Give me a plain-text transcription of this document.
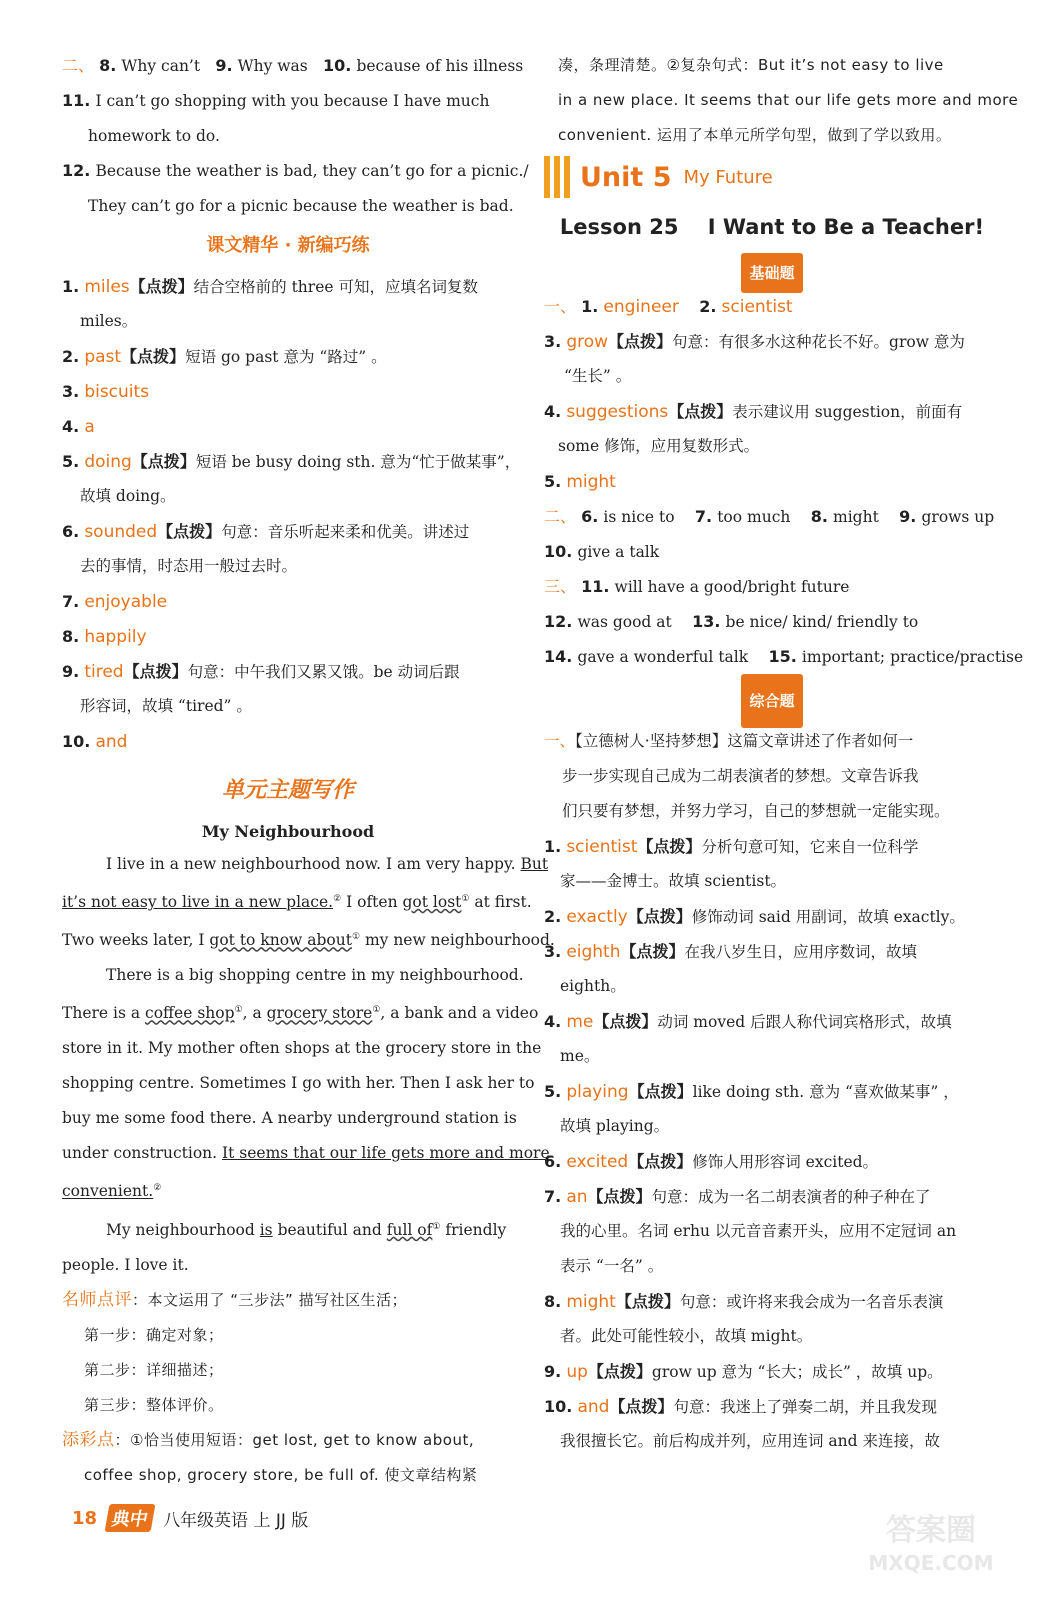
二、 8. Why can’t 9. Why was 10. because of his illness
11. I can’t go shopping with you because I have much
homework to do.
12. Because the weather is bad, they can’t go for a picnic./
They can’t go for a picnic because the weather is bad.
课文精华 · 新编巧练
1. miles【点拨】结合空格前的 three 可知，应填名词复数
miles。
2. past【点拨】短语 go past 意为 “路过” 。
3. biscuits
4. a
5. doing【点拨】短语 be busy doing sth. 意为“忙于做某事”，
故填 doing。
6. sounded【点拨】句意：音乐听起来柔和优美。讲述过
去的事情，时态用一般过去时。
7. enjoyable
8. happily
9. tired【点拨】句意：中午我们又累又饿。be 动词后跟
形容词，故填 “tired” 。
10. and
单元主题写作
My Neighbourhood
I live in a new neighbourhood now. I am very happy. But
it’s not easy to live in a new place.② I often got lost① at first.
Two weeks later, I got to know about① my new neighbourhood.
There is a big shopping centre in my neighbourhood.
There is a coffee shop①, a grocery store①, a bank and a video
store in it. My mother often shops at the grocery store in the
shopping centre. Sometimes I go with her. Then I ask her to
buy me some food there. A nearby underground station is
under construction. It seems that our life gets more and more
convenient.②
My neighbourhood is beautiful and full of① friendly
people. I love it.
名师点评：本文运用了 “三步法” 描写社区生活；
第一步：确定对象；
第二步：详细描述；
第三步：整体评价。
添彩点：①恰当使用短语：get lost, get to know about,
coffee shop, grocery store, be full of. 使文章结构紧
凑，条理清楚。②复杂句式：But it’s not easy to live
in a new place. It seems that our life gets more and more
convenient. 运用了本单元所学句型，做到了学以致用。
Unit 5 My Future
Lesson 25    I Want to Be a Teacher!
基础题
一、 1. engineer 2. scientist
3. grow【点拨】句意：有很多水这种花长不好。grow 意为
“生长” 。
4. suggestions【点拨】表示建议用 suggestion，前面有
some 修饰，应用复数形式。
5. might
二、 6. is nice to 7. too much 8. might 9. grows up
10. give a talk
三、 11. will have a good/bright future
12. was good at 13. be nice/ kind/ friendly to
14. gave a wonderful talk 15. important; practice/practise
综合题
一、【立德树人·坚持梦想】这篇文章讲述了作者如何一
步一步实现自己成为二胡表演者的梦想。文章告诉我
们只要有梦想，并努力学习，自己的梦想就一定能实现。
1. scientist【点拨】分析句意可知，它来自一位科学
家——金博士。故填 scientist。
2. exactly【点拨】修饰动词 said 用副词，故填 exactly。
3. eighth【点拨】在我八岁生日，应用序数词，故填
eighth。
4. me【点拨】动词 moved 后跟人称代词宾格形式，故填
me。
5. playing【点拨】like doing sth. 意为 “喜欢做某事” ，
故填 playing。
6. excited【点拨】修饰人用形容词 excited。
7. an【点拨】句意：成为一名二胡表演者的种子种在了
我的心里。名词 erhu 以元音音素开头，应用不定冠词 an
表示 “一名” 。
8. might【点拨】句意：或许将来我会成为一名音乐表演
者。此处可能性较小，故填 might。
9. up【点拨】grow up 意为 “长大；成长” ，故填 up。
10. and【点拨】句意：我迷上了弹奏二胡，并且我发现
我很擅长它。前后构成并列，应用连词 and 来连接，故
18 典中 八年级英语 上 JJ 版	答案圈
MXQE.COM
